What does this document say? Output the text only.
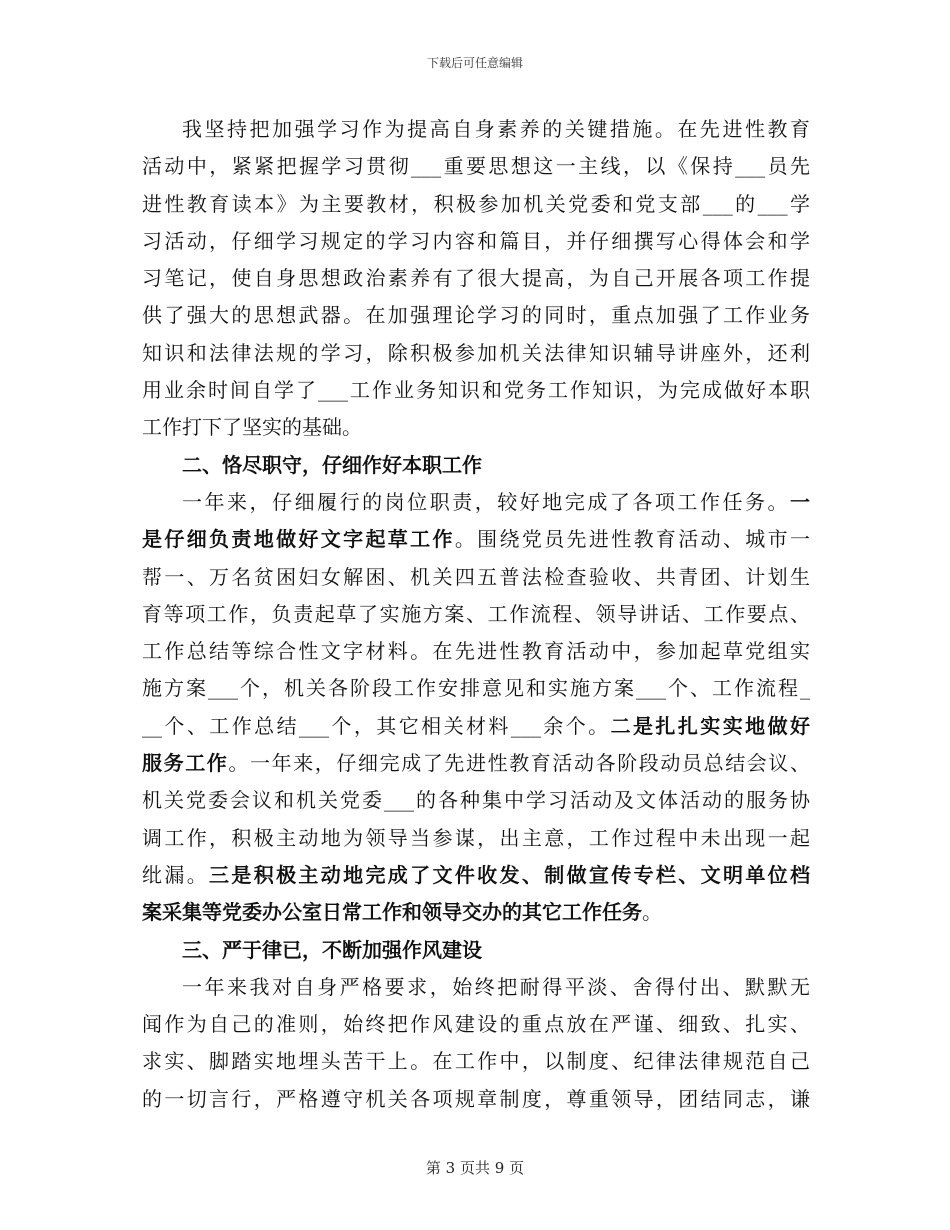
下载后可任意编辑
我坚持把加强学习作为提高自身素养的关键措施。在先进性教育
活动中，紧紧把握学习贯彻___重要思想这一主线，以《保持___员先
进性教育读本》为主要教材，积极参加机关党委和党支部___的___学
习活动，仔细学习规定的学习内容和篇目，并仔细撰写心得体会和学
习笔记，使自身思想政治素养有了很大提高，为自己开展各项工作提
供了强大的思想武器。在加强理论学习的同时，重点加强了工作业务
知识和法律法规的学习，除积极参加机关法律知识辅导讲座外，还利
用业余时间自学了___工作业务知识和党务工作知识，为完成做好本职
工作打下了坚实的基础。
二、恪尽职守，仔细作好本职工作
一年来，仔细履行的岗位职责，较好地完成了各项工作任务。一
是仔细负责地做好文字起草工作。围绕党员先进性教育活动、城市一
帮一、万名贫困妇女解困、机关四五普法检查验收、共青团、计划生
育等项工作，负责起草了实施方案、工作流程、领导讲话、工作要点、
工作总结等综合性文字材料。在先进性教育活动中，参加起草党组实
施方案___个，机关各阶段工作安排意见和实施方案___个、工作流程_
__个、工作总结___个，其它相关材料___余个。二是扎扎实实地做好
服务工作。一年来，仔细完成了先进性教育活动各阶段动员总结会议、
机关党委会议和机关党委___的各种集中学习活动及文体活动的服务协
调工作，积极主动地为领导当参谋，出主意，工作过程中未出现一起
纰漏。三是积极主动地完成了文件收发、制做宣传专栏、文明单位档
案采集等党委办公室日常工作和领导交办的其它工作任务。
三、严于律已，不断加强作风建设
一年来我对自身严格要求，始终把耐得平淡、舍得付出、默默无
闻作为自己的准则，始终把作风建设的重点放在严谨、细致、扎实、
求实、脚踏实地埋头苦干上。在工作中，以制度、纪律法律规范自己
的一切言行，严格遵守机关各项规章制度，尊重领导，团结同志，谦
第 3 页共 9 页
